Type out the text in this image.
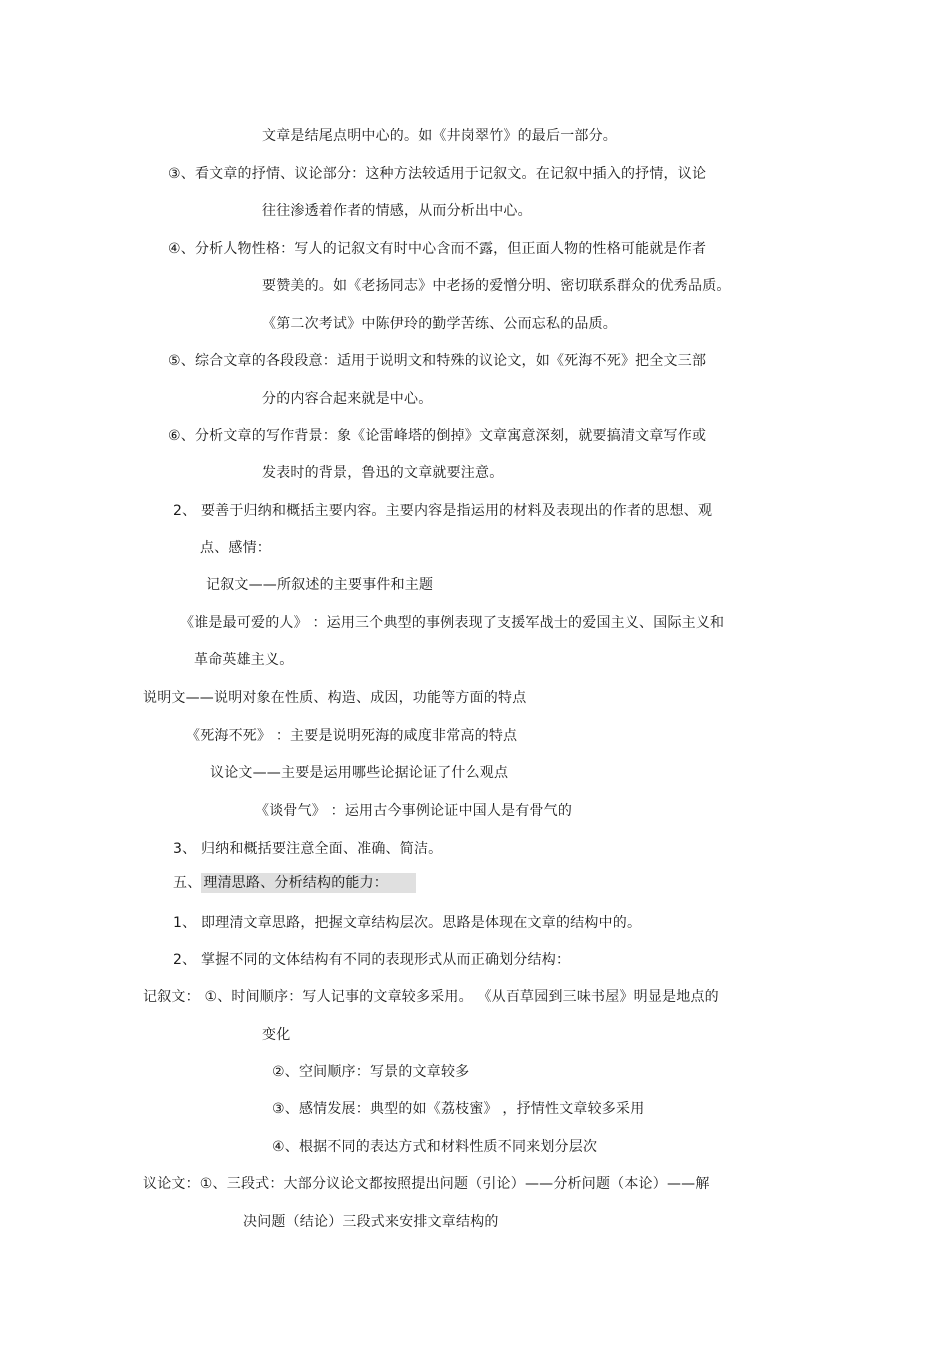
文章是结尾点明中心的。如《井岗翠竹》的最后一部分。
③、看文章的抒情、议论部分：这种方法较适用于记叙文。在记叙中插入的抒情，议论
往往渗透着作者的情感，从而分析出中心。
④、分析人物性格：写人的记叙文有时中心含而不露，但正面人物的性格可能就是作者
要赞美的。如《老扬同志》中老扬的爱憎分明、密切联系群众的优秀品质。
《第二次考试》中陈伊玲的勤学苦练、公而忘私的品质。
⑤、综合文章的各段段意：适用于说明文和特殊的议论文，如《死海不死》把全文三部
分的内容合起来就是中心。
⑥、分析文章的写作背景：象《论雷峰塔的倒掉》文章寓意深刻，就要搞清文章写作或
发表时的背景，鲁迅的文章就要注意。
2、 要善于归纳和概括主要内容。主要内容是指运用的材料及表现出的作者的思想、观
点、感情：
记叙文——所叙述的主要事件和主题
《谁是最可爱的人》 ：运用三个典型的事例表现了支援军战士的爱国主义、国际主义和
革命英雄主义。
说明文——说明对象在性质、构造、成因，功能等方面的特点
《死海不死》 ：主要是说明死海的咸度非常高的特点
议论文——主要是运用哪些论据论证了什么观点
《谈骨气》 ：运用古今事例论证中国人是有骨气的
3、 归纳和概括要注意全面、准确、简洁。
五、 理清思路、分析结构的能力：
1、 即理清文章思路，把握文章结构层次。思路是体现在文章的结构中的。
2、 掌握不同的文体结构有不同的表现形式从而正确划分结构：
记叙文： ①、时间顺序：写人记事的文章较多采用。 《从百草园到三味书屋》明显是地点的
变化
②、空间顺序：写景的文章较多
③、感情发展：典型的如《荔枝蜜》 ，抒情性文章较多采用
④、根据不同的表达方式和材料性质不同来划分层次
议论文：①、三段式：大部分议论文都按照提出问题（引论）——分析问题（本论）——解
决问题（结论）三段式来安排文章结构的
